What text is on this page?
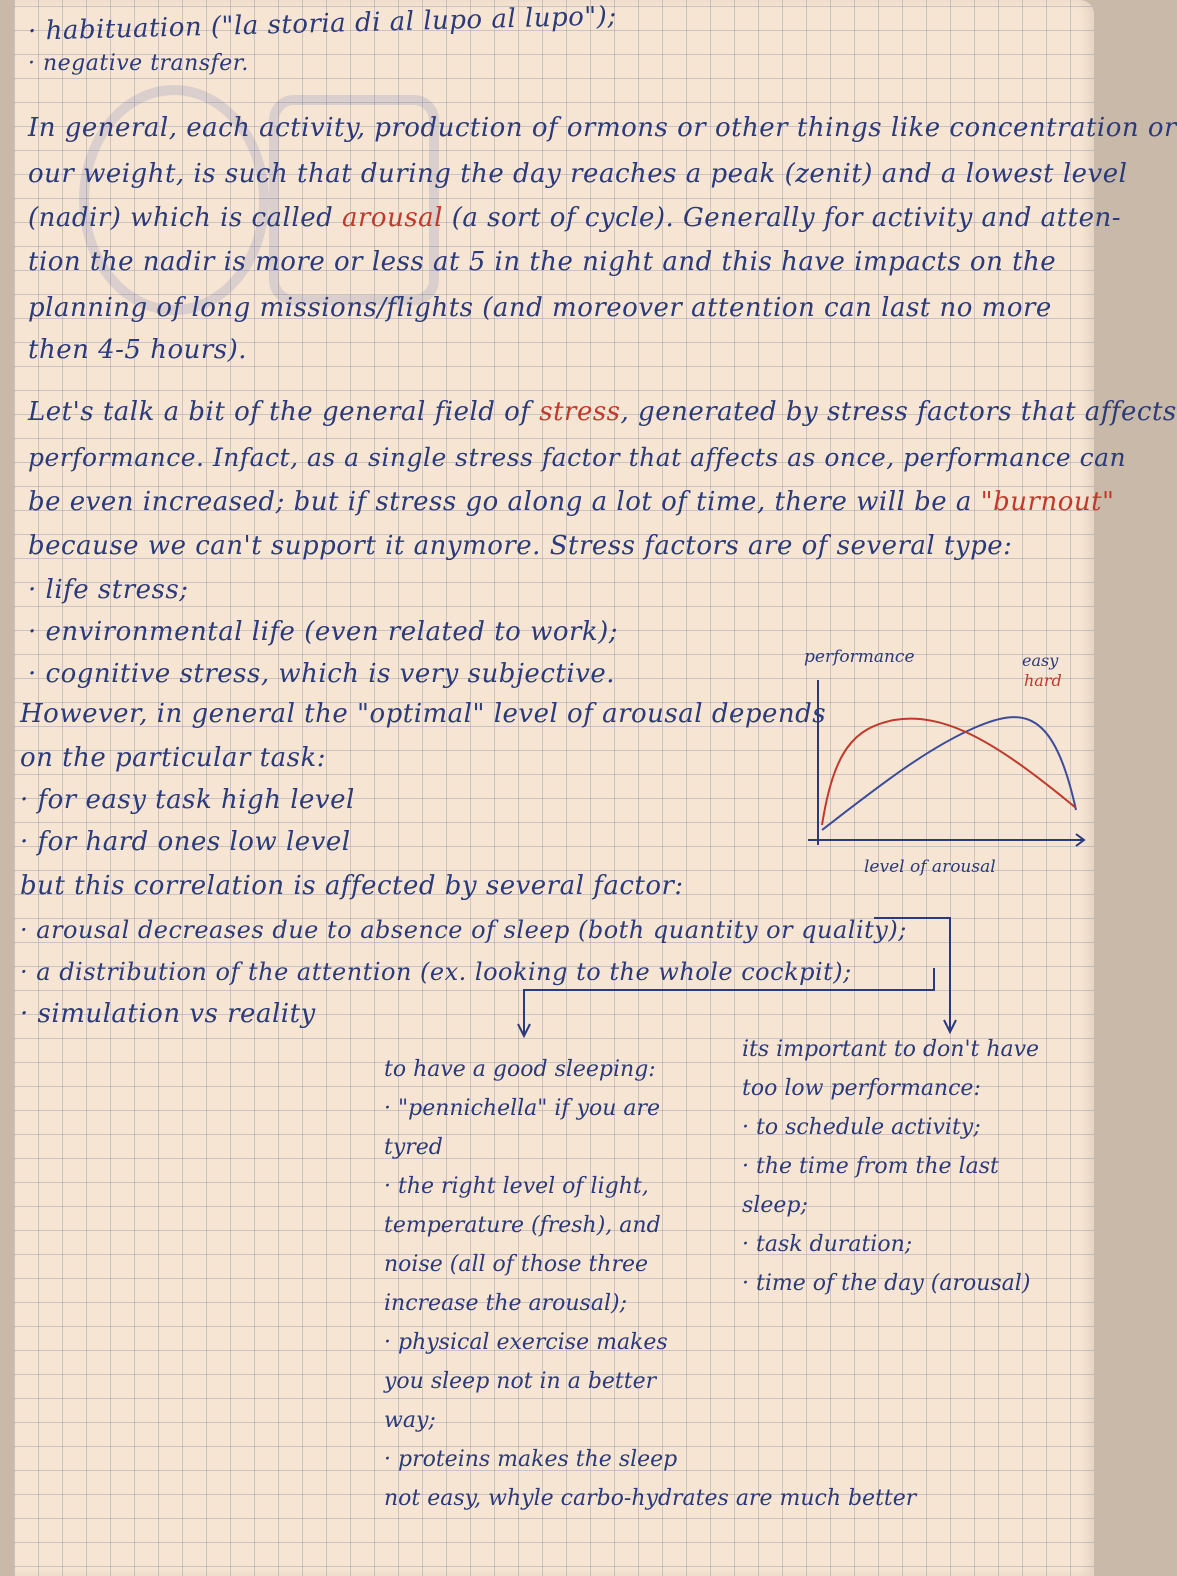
· habituation ("la storia di al lupo al lupo");
· negative transfer.
In general, each activity, production of ormons or other things like concentration or
our weight, is such that during the day reaches a peak (zenit) and a lowest level
(nadir) which is called arousal (a sort of cycle). Generally for activity and atten-
tion the nadir is more or less at 5 in the night and this have impacts on the
planning of long missions/flights (and moreover attention can last no more
then 4-5 hours).
Let's talk a bit of the general field of stress, generated by stress factors that affects
performance. Infact, as a single stress factor that affects as once, performance can
be even increased; but if stress go along a lot of time, there will be a "burnout"
because we can't support it anymore. Stress factors are of several type:
· life stress;
· environmental life (even related to work);
· cognitive stress, which is very subjective.
However, in general the "optimal" level of arousal depends
on the particular task:
· for easy task high level
· for hard ones low level
but this correlation is affected by several factor:
· arousal decreases due to absence of sleep (both quantity or quality);
· a distribution of the attention (ex. looking to the whole cockpit);
· simulation vs reality
performance
level of arousal
easy
hard
to have a good sleeping:
· "pennichella" if you are
tyred
· the right level of light,
temperature (fresh), and
noise (all of those three
increase the arousal);
· physical exercise makes
you sleep not in a better
way;
· proteins makes the sleep
not easy, whyle carbo-hydrates are much better
its important to don't have
too low performance:
· to schedule activity;
· the time from the last
sleep;
· task duration;
· time of the day (arousal)
